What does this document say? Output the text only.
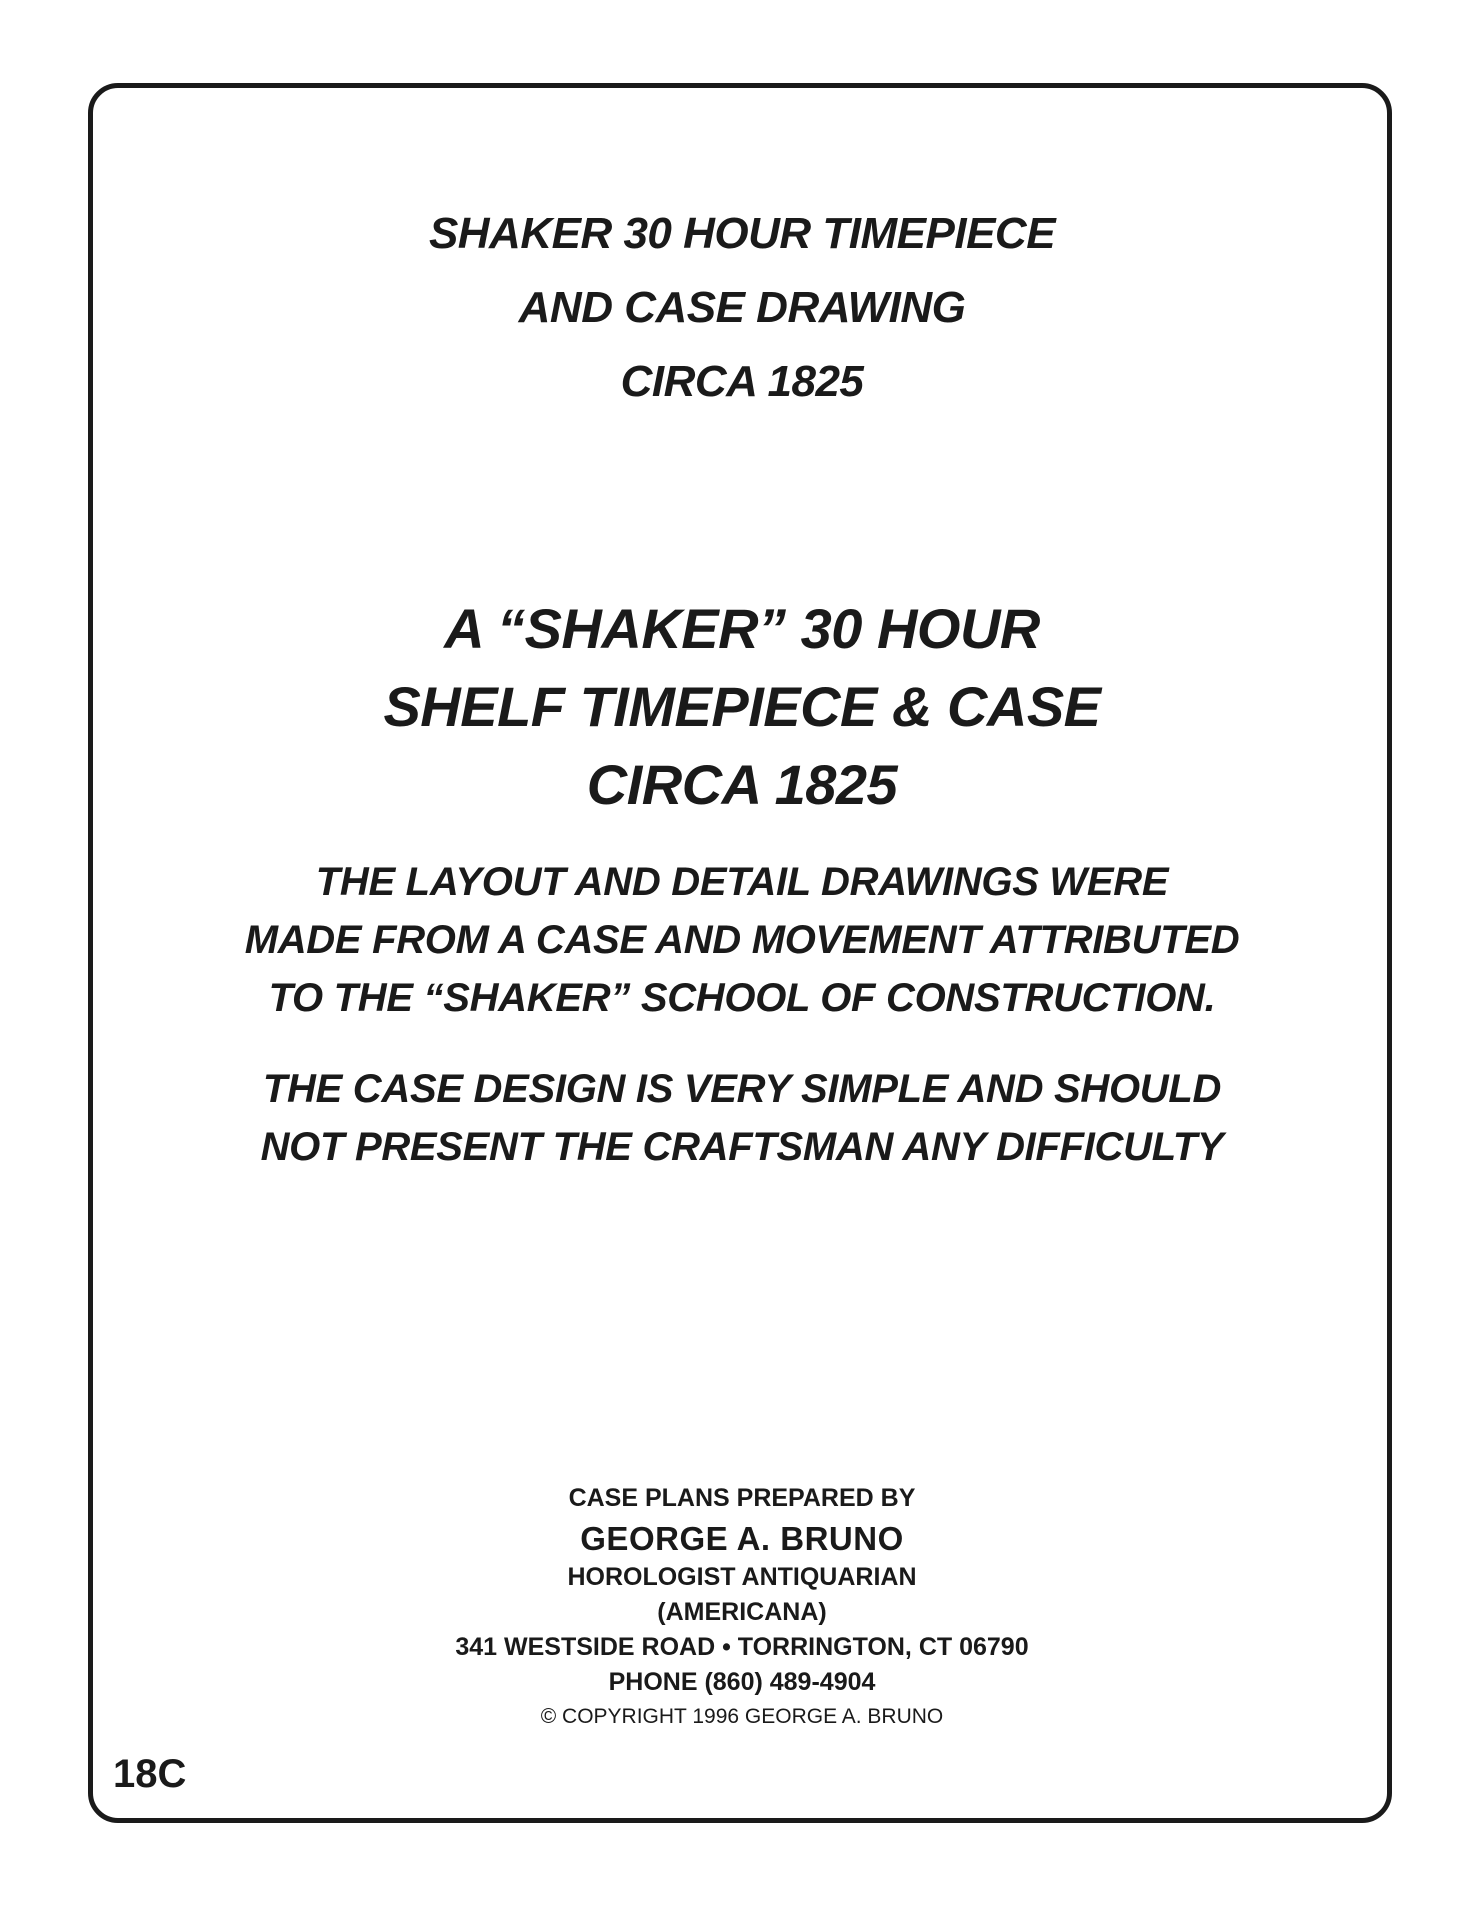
SHAKER 30 HOUR TIMEPIECE
AND CASE DRAWING
CIRCA 1825
A “SHAKER” 30 HOUR
SHELF TIMEPIECE & CASE
CIRCA 1825

THE LAYOUT AND DETAIL DRAWINGS WERE
MADE FROM A CASE AND MOVEMENT ATTRIBUTED
TO THE “SHAKER” SCHOOL OF CONSTRUCTION.

THE CASE DESIGN IS VERY SIMPLE AND SHOULD
NOT PRESENT THE CRAFTSMAN ANY DIFFICULTY

CASE PLANS PREPARED BY
GEORGE A. BRUNO
HOROLOGIST ANTIQUARIAN
(AMERICANA)
341 WESTSIDE ROAD • TORRINGTON, CT 06790
PHONE (860) 489-4904
© COPYRIGHT 1996 GEORGE A. BRUNO
18C
